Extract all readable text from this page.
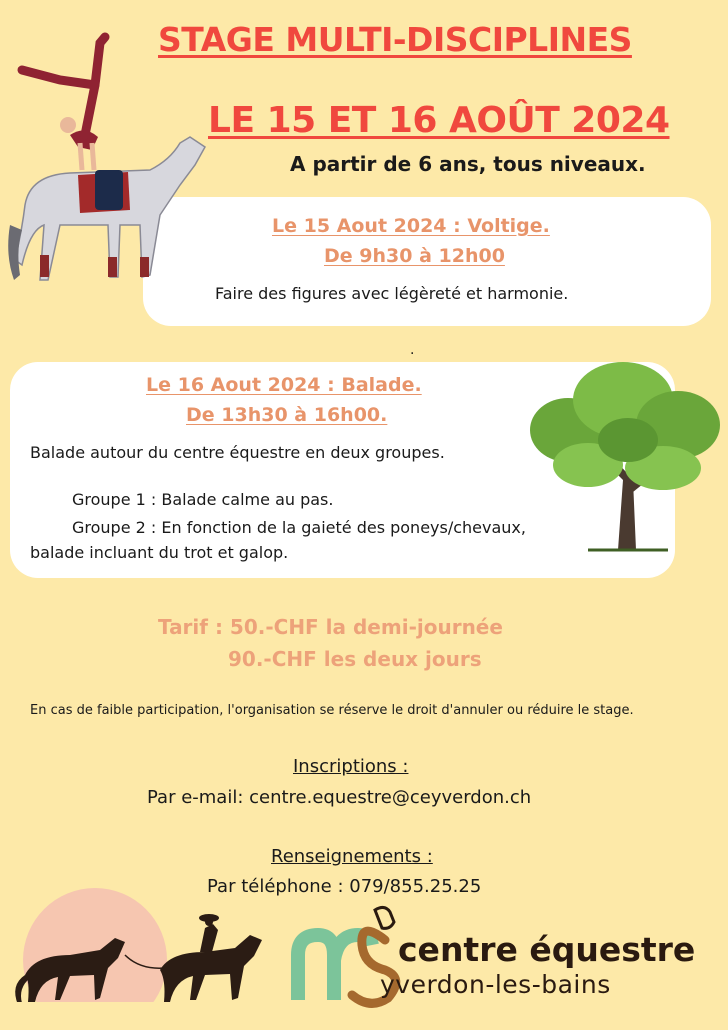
STAGE MULTI-DISCIPLINES
LE 15 ET 16 AOÛT 2024
A partir de 6 ans, tous niveaux.
Le 15 Aout 2024 : Voltige.
De 9h30 à 12h00
Faire des figures avec légèreté et harmonie.
.
Le 16 Aout 2024 : Balade.
De 13h30 à 16h00.
Balade autour du centre équestre en deux groupes.
Groupe 1 : Balade calme au pas.
Groupe 2 : En fonction de la gaieté des poneys/chevaux,
balade incluant du trot et galop.
Tarif : 50.-CHF la demi-journée
90.-CHF les deux jours
En cas de faible participation, l'organisation se réserve le droit d'annuler ou réduire le stage.
Inscriptions :
Par e-mail: centre.equestre@ceyverdon.ch
Renseignements :
Par téléphone : 079/855.25.25
centre équestre
yverdon-les-bains
